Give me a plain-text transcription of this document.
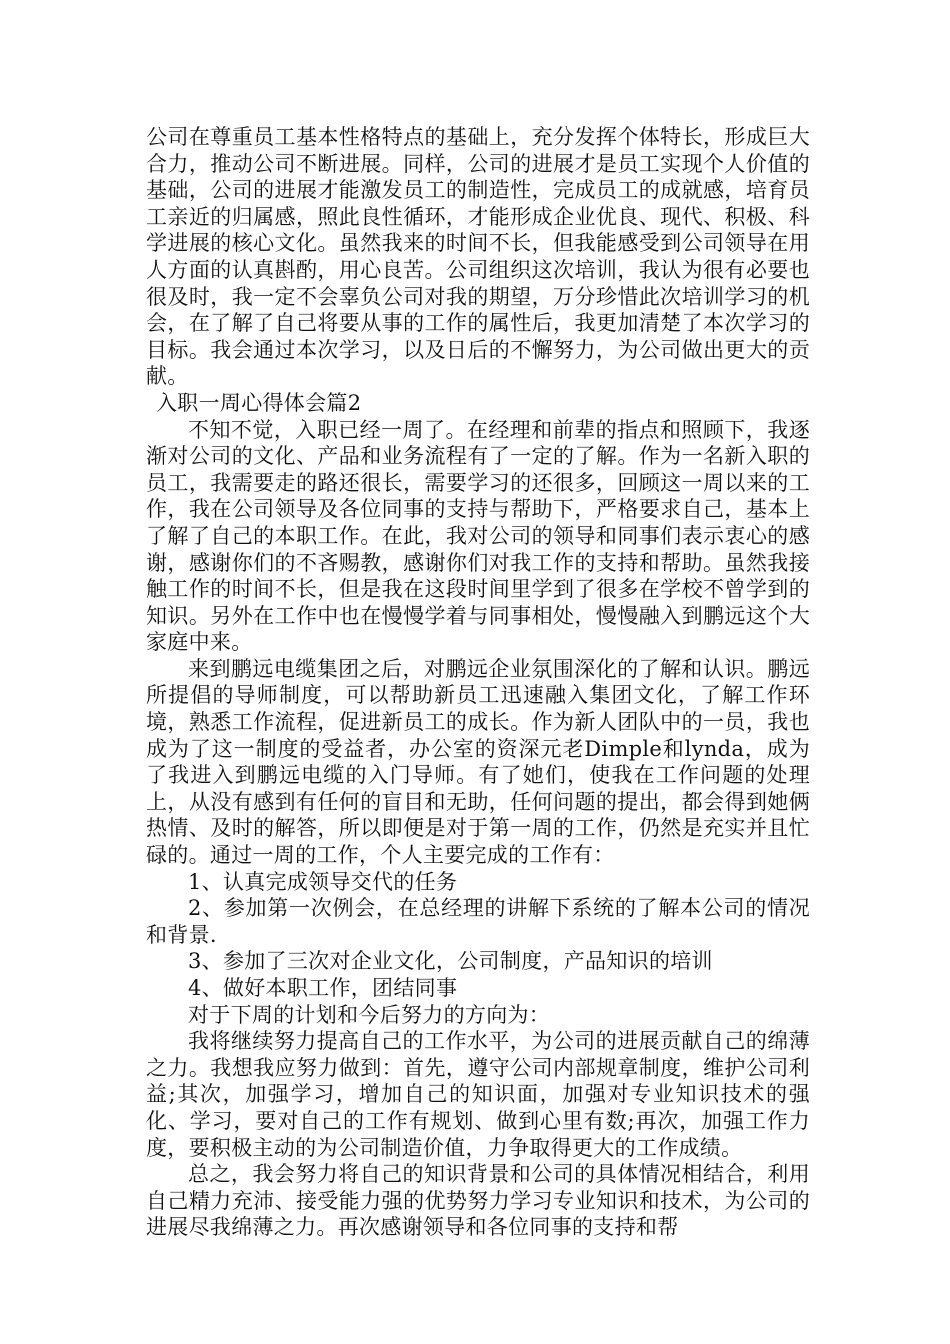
公司在尊重员工基本性格特点的基础上，充分发挥个体特长，形成巨大合力，推动公司不断进展。同样，公司的进展才是员工实现个人价值的基础，公司的进展才能激发员工的制造性，完成员工的成就感，培育员工亲近的归属感，照此良性循环，才能形成企业优良、现代、积极、科学进展的核心文化。虽然我来的时间不长，但我能感受到公司领导在用人方面的认真斟酌，用心良苦。公司组织这次培训，我认为很有必要也很及时，我一定不会辜负公司对我的期望，万分珍惜此次培训学习的机会，在了解了自己将要从事的工作的属性后，我更加清楚了本次学习的目标。我会通过本次学习，以及日后的不懈努力，为公司做出更大的贡献。

入职一周心得体会篇2

不知不觉，入职已经一周了。在经理和前辈的指点和照顾下，我逐渐对公司的文化、产品和业务流程有了一定的了解。作为一名新入职的员工，我需要走的路还很长，需要学习的还很多，回顾这一周以来的工作，我在公司领导及各位同事的支持与帮助下，严格要求自己，基本上了解了自己的本职工作。在此，我对公司的领导和同事们表示衷心的感谢，感谢你们的不吝赐教，感谢你们对我工作的支持和帮助。虽然我接触工作的时间不长，但是我在这段时间里学到了很多在学校不曾学到的知识。另外在工作中也在慢慢学着与同事相处，慢慢融入到鹏远这个大家庭中来。

来到鹏远电缆集团之后，对鹏远企业氛围深化的了解和认识。鹏远所提倡的导师制度，可以帮助新员工迅速融入集团文化，了解工作环境，熟悉工作流程，促进新员工的成长。作为新人团队中的一员，我也成为了这一制度的受益者，办公室的资深元老Dimple和lynda，成为了我进入到鹏远电缆的入门导师。有了她们，使我在工作问题的处理上，从没有感到有任何的盲目和无助，任何问题的提出，都会得到她俩热情、及时的解答，所以即便是对于第一周的工作，仍然是充实并且忙碌的。通过一周的工作，个人主要完成的工作有：

1、认真完成领导交代的任务

2、参加第一次例会，在总经理的讲解下系统的了解本公司的情况和背景.

3、参加了三次对企业文化，公司制度，产品知识的培训

4、做好本职工作，团结同事

对于下周的计划和今后努力的方向为：

我将继续努力提高自己的工作水平，为公司的进展贡献自己的绵薄之力。我想我应努力做到：首先，遵守公司内部规章制度，维护公司利益;其次，加强学习，增加自己的知识面，加强对专业知识技术的强化、学习，要对自己的工作有规划、做到心里有数;再次，加强工作力度，要积极主动的为公司制造价值，力争取得更大的工作成绩。

总之，我会努力将自己的知识背景和公司的具体情况相结合，利用自己精力充沛、接受能力强的优势努力学习专业知识和技术，为公司的进展尽我绵薄之力。再次感谢领导和各位同事的支持和帮
